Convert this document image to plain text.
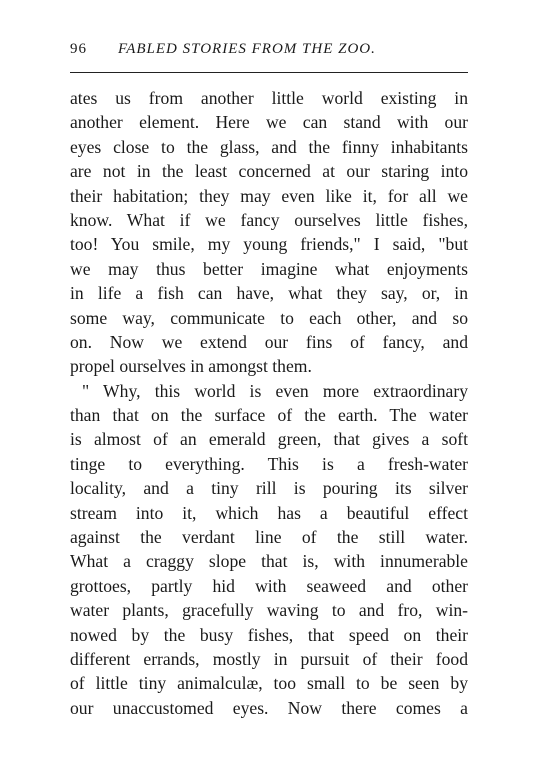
96 FABLED STORIES FROM THE ZOO.
ates us from another little world existing in
another element. Here we can stand with our
eyes close to the glass, and the finny inhabitants
are not in the least concerned at our staring into
their habitation; they may even like it, for all we
know. What if we fancy ourselves little fishes,
too! You smile, my young friends," I said, "but
we may thus better imagine what enjoyments
in life a fish can have, what they say, or, in
some way, communicate to each other, and so
on. Now we extend our fins of fancy, and
propel ourselves in amongst them.
" Why, this world is even more extraordinary
than that on the surface of the earth. The water
is almost of an emerald green, that gives a soft
tinge to everything. This is a fresh-water
locality, and a tiny rill is pouring its silver
stream into it, which has a beautiful effect
against the verdant line of the still water.
What a craggy slope that is, with innumerable
grottoes, partly hid with seaweed and other
water plants, gracefully waving to and fro, win-
nowed by the busy fishes, that speed on their
different errands, mostly in pursuit of their food
of little tiny animalculæ, too small to be seen by
our unaccustomed eyes. Now there comes a
